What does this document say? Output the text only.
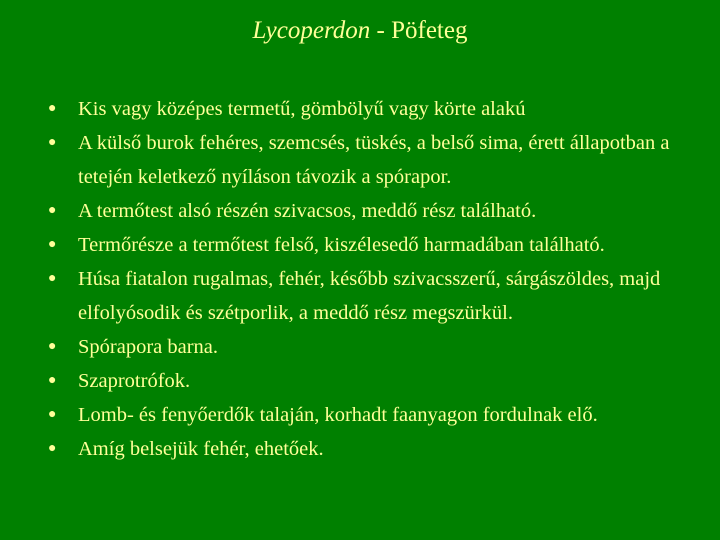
Lycoperdon - Pöfeteg
● Kis vagy középes termetű, gömbölyű vagy körte alakú
● A külső burok fehéres, szemcsés, tüskés, a belső sima, érett állapotban a tetején keletkező nyíláson távozik a spórapor.
● A termőtest alsó részén szivacsos, meddő rész található.
● Termőrésze a termőtest felső, kiszélesedő harmadában található.
● Húsa fiatalon rugalmas, fehér, később szivacsszerű, sárgászöldes, majd elfolyósodik és szétporlik, a meddő rész megszürkül.
● Spórapora barna.
● Szaprotrófok.
● Lomb- és fenyőerdők talaján, korhadt faanyagon fordulnak elő.
● Amíg belsejük fehér, ehetőek.
